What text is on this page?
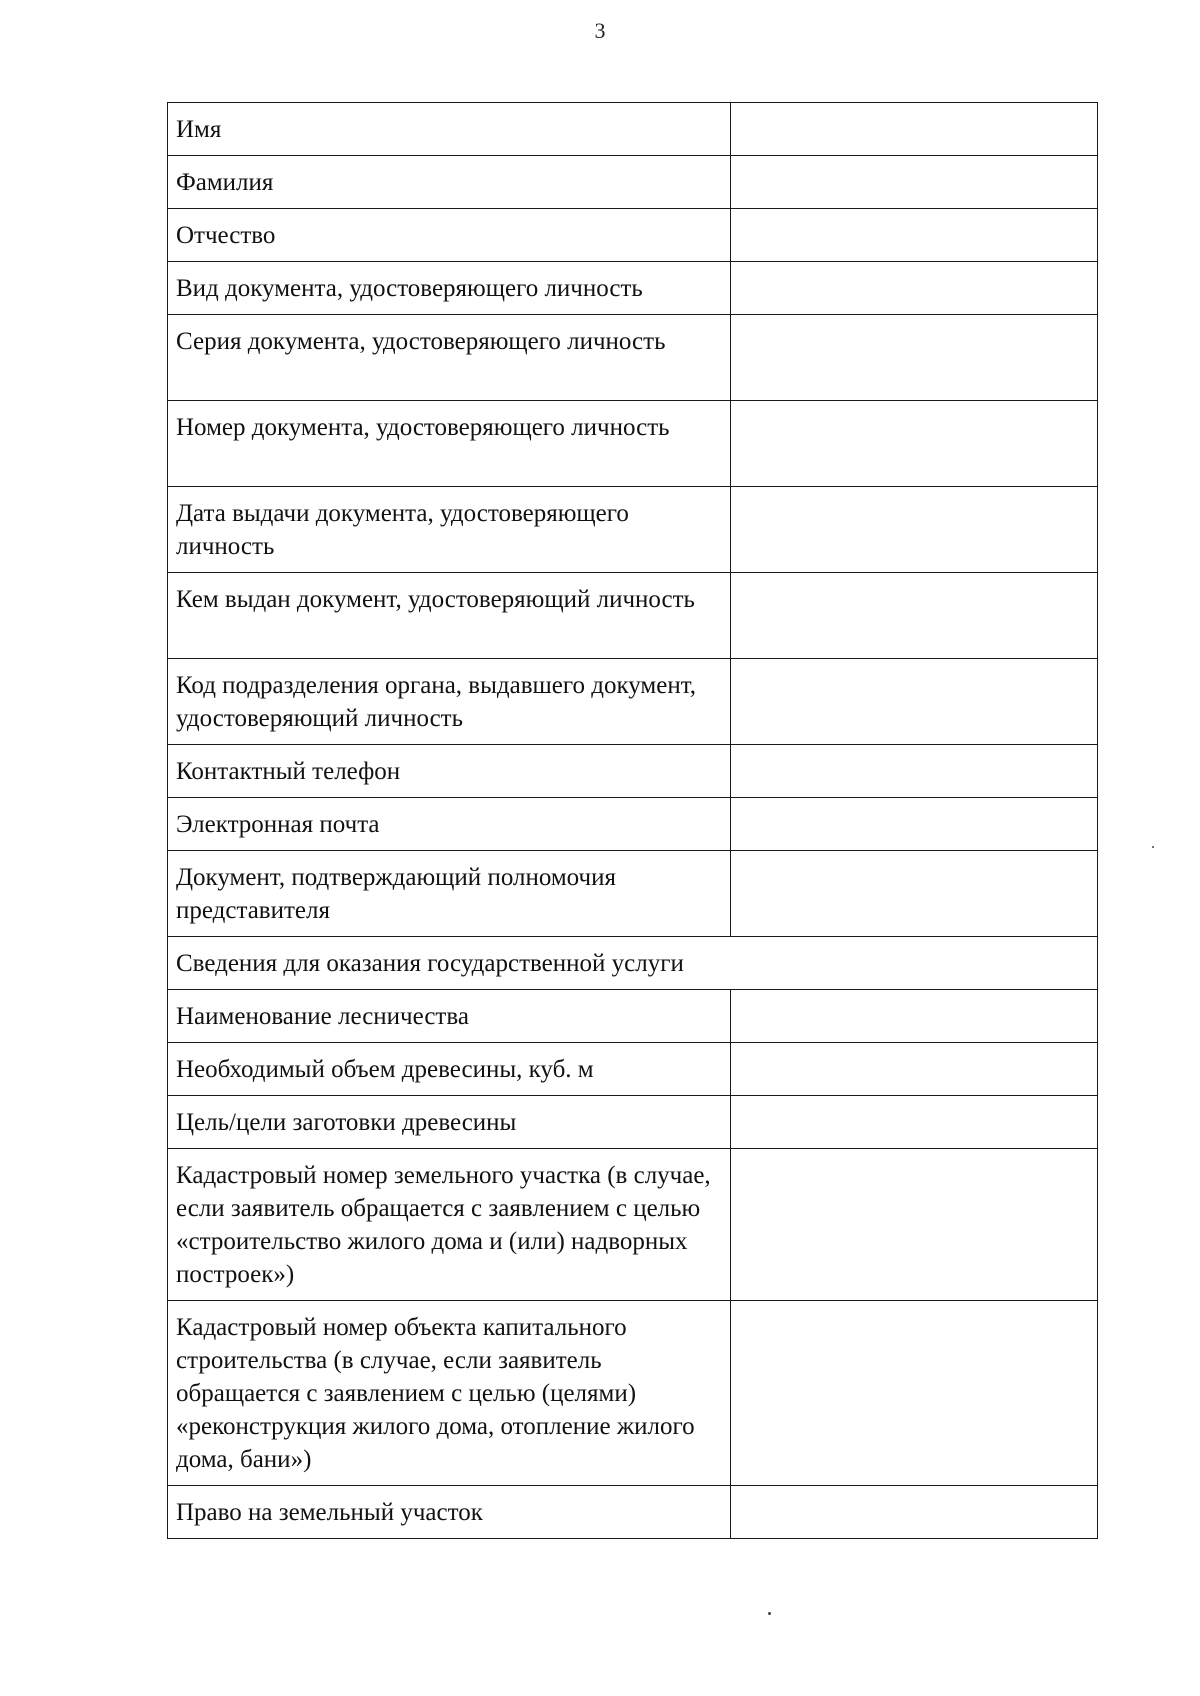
3
Имя	
Фамилия	
Отчество	
Вид документа, удостоверяющего личность	
Серия документа, удостоверяющего личность	
Номер документа, удостоверяющего личность	
Дата выдачи документа, удостоверяющего личность	
Кем выдан документ, удостоверяющий личность	
Код подразделения органа, выдавшего документ, удостоверяющий личность	
Контактный телефон	
Электронная почта	
Документ, подтверждающий полномочия представителя	
Сведения для оказания государственной услуги	
Наименование лесничества	
Необходимый объем древесины, куб. м	
Цель/цели заготовки древесины	
Кадастровый номер земельного участка (в случае, если заявитель обращается с заявлением с целью «строительство жилого дома и (или) надворных построек»)	
Кадастровый номер объекта капитального строительства (в случае, если заявитель обращается с заявлением с целью (целями) «реконструкция жилого дома, отопление жилого дома, бани»)	
Право на земельный участок	
